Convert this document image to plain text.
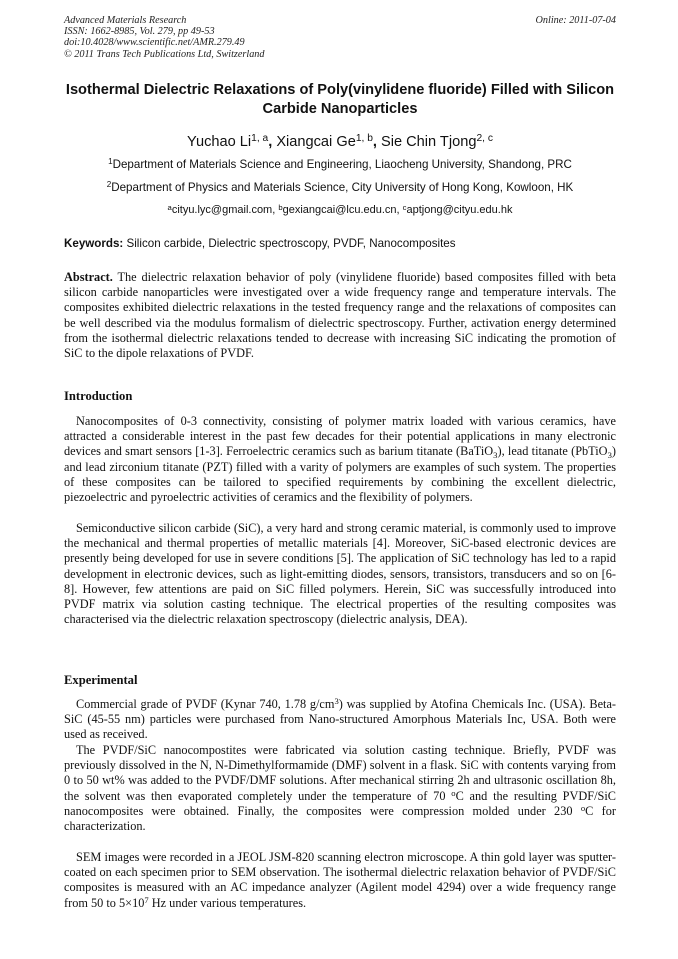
Advanced Materials Research	Online: 2011-07-04
ISSN: 1662-8985, Vol. 279, pp 49-53
doi:10.4028/www.scientific.net/AMR.279.49
© 2011 Trans Tech Publications Ltd, Switzerland
Isothermal Dielectric Relaxations of Poly(vinylidene fluoride) Filled with Silicon Carbide Nanoparticles
Yuchao Li$^{1, a}$, Xiangcai Ge$^{1, b}$, Sie Chin Tjong$^{2, c}$
$^1$Department of Materials Science and Engineering, Liaocheng University, Shandong, PRC
$^2$Department of Physics and Materials Science, City University of Hong Kong, Kowloon, HK
$^a$cityu.lyc@gmail.com, $^b$gexiangcai@lcu.edu.cn, $^c$aptjong@cityu.edu.hk
Keywords: Silicon carbide, Dielectric spectroscopy, PVDF, Nanocomposites

Abstract. The dielectric relaxation behavior of poly (vinylidene fluoride) based composites filled with beta silicon carbide nanoparticles were investigated over a wide frequency range and temperature intervals. The composites exhibited dielectric relaxations in the tested frequency range and the relaxations of composites can be well described via the modulus formalism of dielectric spectroscopy. Further, activation energy determined from the isothermal dielectric relaxations tended to decrease with increasing SiC indicating the promotion of SiC to the dipole relaxations of PVDF.

Introduction

Nanocomposites of 0-3 connectivity, consisting of polymer matrix loaded with various ceramics, have attracted a considerable interest in the past few decades for their potential applications in many electronic devices and smart sensors [1-3]. Ferroelectric ceramics such as barium titanate (BaTiO$_3$), lead titanate (PbTiO$_3$) and lead zirconium titanate (PZT) filled with a varity of polymers are examples of such system. The properties of these composites can be tailored to specified requirements by combining the excellent dielectric, piezoelectric and pyroelectric activities of ceramics and the flexibility of polymers.

Semiconductive silicon carbide (SiC), a very hard and strong ceramic material, is commonly used to improve the mechanical and thermal properties of metallic materials [4]. Moreover, SiC-based electronic devices are presently being developed for use in severe conditions [5]. The application of SiC technology has led to a rapid development in electronic devices, such as light-emitting diodes, sensors, transistors, transducers and so on [6-8]. However, few attentions are paid on SiC filled polymers. Herein, SiC was successfully introduced into PVDF matrix via solution casting technique. The electrical properties of the resulting composites was characterised via the dielectric relaxation spectroscopy (dielectric analysis, DEA).

Experimental

Commercial grade of PVDF (Kynar 740, 1.78 $g/cm^3$) was supplied by Atofina Chemicals Inc. (USA). Beta-SiC (45-55 nm) particles were purchased from Nano-structured Amorphous Materials Inc, USA. Both were used as received.

The PVDF/SiC nanocompostites were fabricated via solution casting technique. Briefly, PVDF was previously dissolved in the N, N-Dimethylformamide (DMF) solvent in a flask. SiC with contents varying from 0 to 50 wt% was added to the PVDF/DMF solutions. After mechanical stirring 2h and ultrasonic oscillation 8h, the solvent was then evaporated completely under the temperature of 70 $^o$C and the resulting PVDF/SiC nanocomposites were obtained. Finally, the composites were compression molded under 230 $^o$C for characterization.

SEM images were recorded in a JEOL JSM-820 scanning electron microscope. A thin gold layer was sputter-coated on each specimen prior to SEM observation. The isothermal dielectric relaxation behavior of PVDF/SiC composites is measured with an AC impedance analyzer (Agilent model 4294) over a wide frequency range from 50 to $5\times 10^7$ Hz under various temperatures.
